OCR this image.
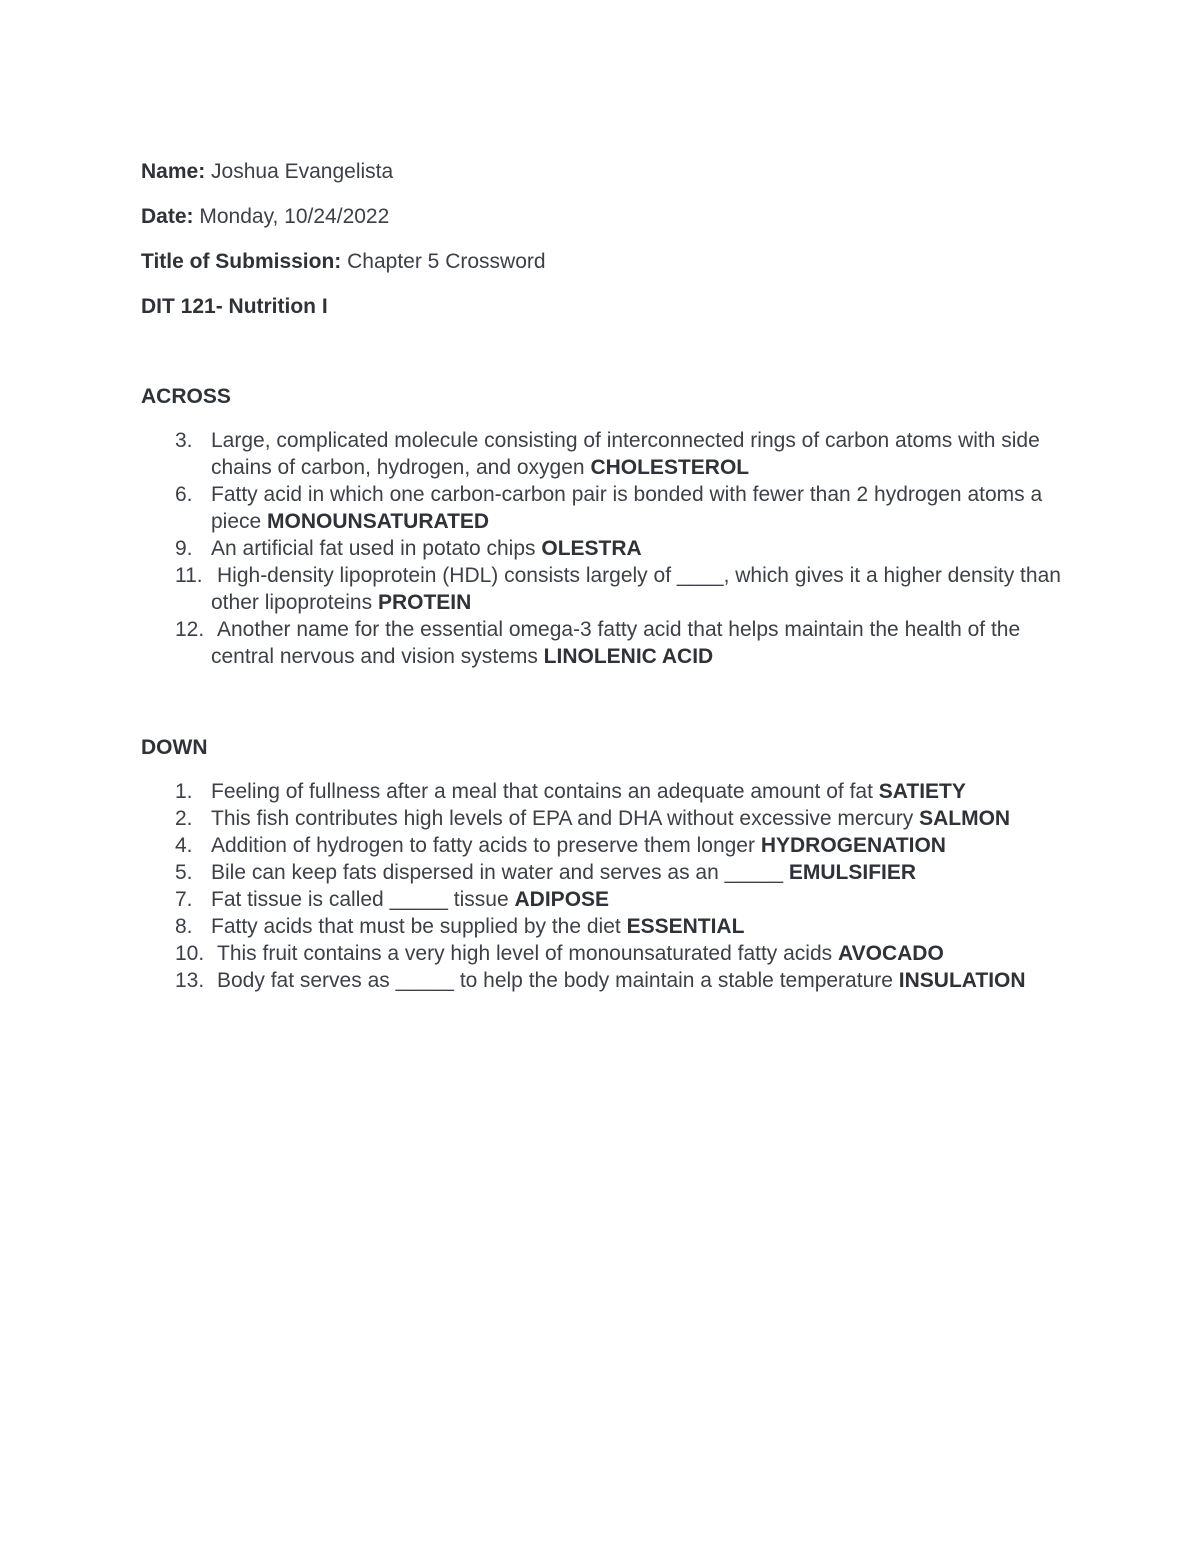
Name: Joshua Evangelista

Date: Monday, 10/24/2022

Title of Submission: Chapter 5 Crossword

DIT 121- Nutrition I

ACROSS

3. Large, complicated molecule consisting of interconnected rings of carbon atoms with side chains of carbon, hydrogen, and oxygen CHOLESTEROL
6. Fatty acid in which one carbon-carbon pair is bonded with fewer than 2 hydrogen atoms a piece MONOUNSATURATED
9. An artificial fat used in potato chips OLESTRA
11. High-density lipoprotein (HDL) consists largely of ____, which gives it a higher density than other lipoproteins PROTEIN
12. Another name for the essential omega-3 fatty acid that helps maintain the health of the central nervous and vision systems LINOLENIC ACID

DOWN

1. Feeling of fullness after a meal that contains an adequate amount of fat SATIETY
2. This fish contributes high levels of EPA and DHA without excessive mercury SALMON
4. Addition of hydrogen to fatty acids to preserve them longer HYDROGENATION
5. Bile can keep fats dispersed in water and serves as an _____ EMULSIFIER
7. Fat tissue is called _____ tissue ADIPOSE
8. Fatty acids that must be supplied by the diet ESSENTIAL
10. This fruit contains a very high level of monounsaturated fatty acids AVOCADO
13. Body fat serves as _____ to help the body maintain a stable temperature INSULATION
